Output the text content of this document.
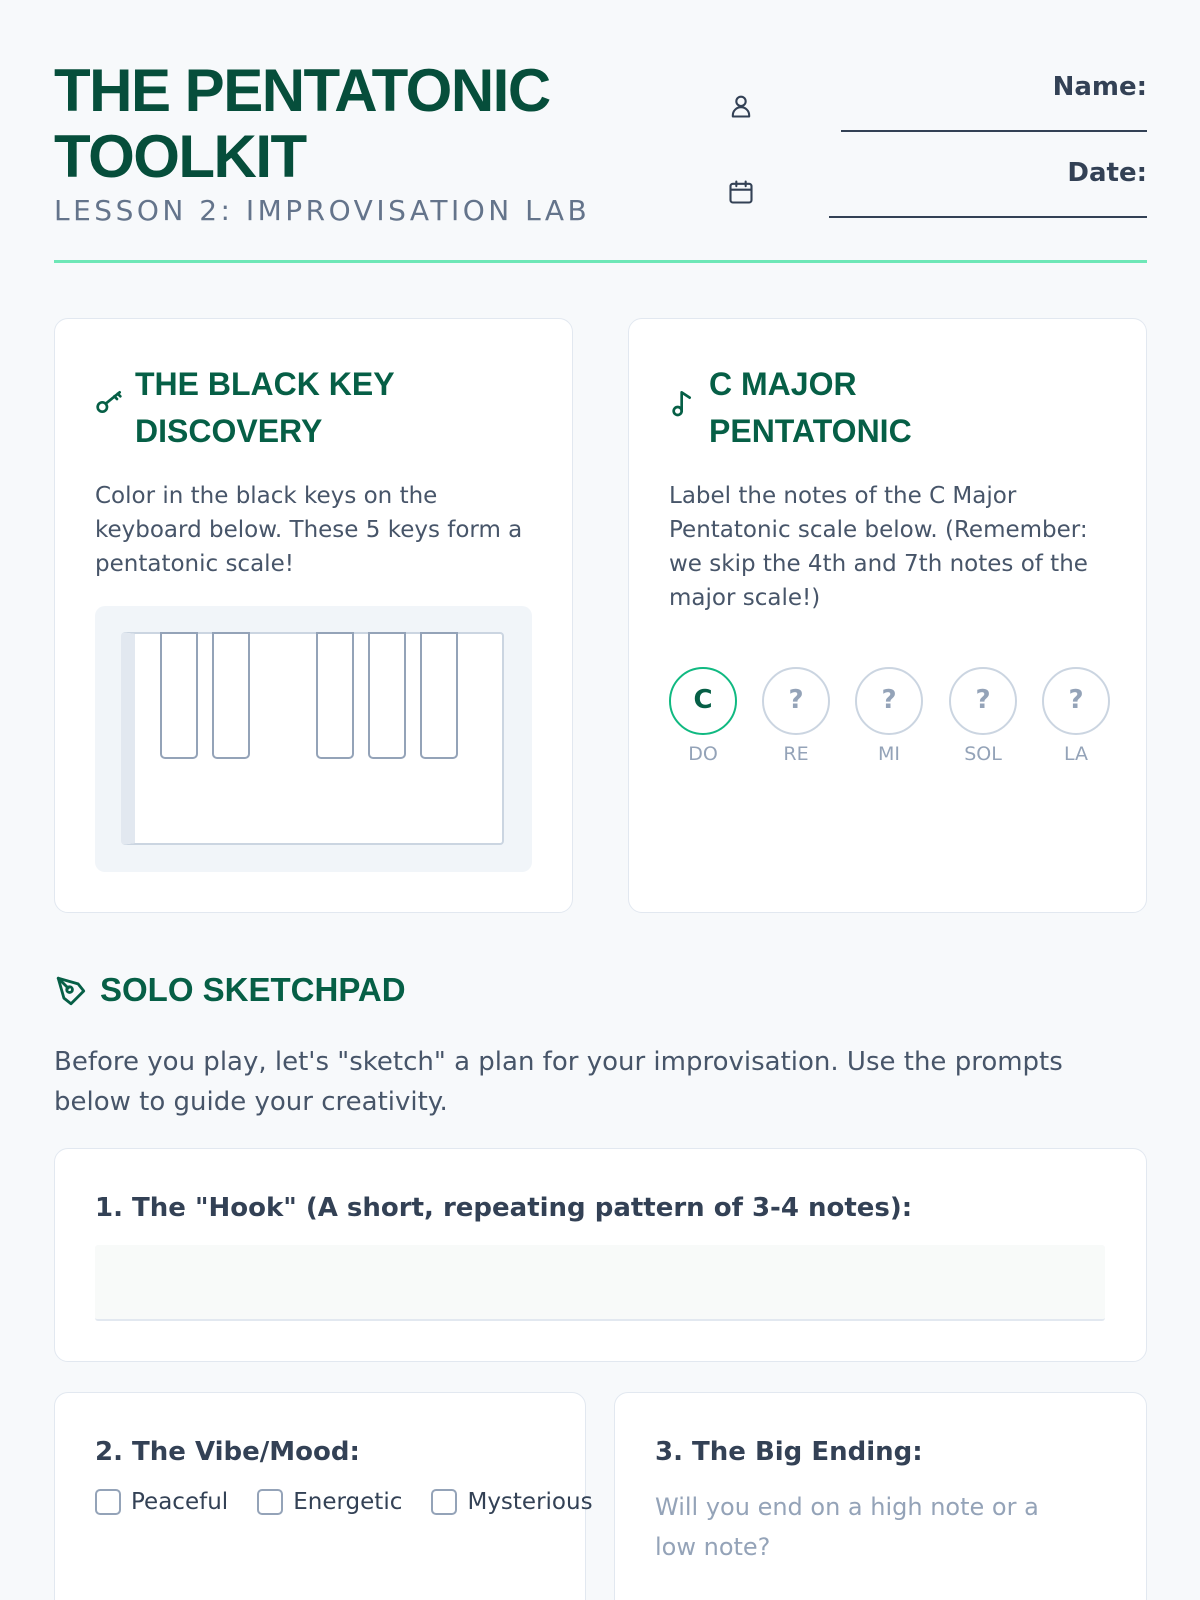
THE PENTATONIC TOOLKIT
LESSON 2: IMPROVISATION LAB
Name:
Date:
THE BLACK KEY DISCOVERY
Color in the black keys on the keyboard below. These 5 keys form a pentatonic scale!
C MAJOR PENTATONIC
Label the notes of the C Major Pentatonic scale below. (Remember: we skip the 4th and 7th notes of the major scale!)
C
DO
?
RE
?
MI
?
SOL
?
LA
SOLO SKETCHPAD
Before you play, let's "sketch" a plan for your improvisation. Use the prompts below to guide your creativity.
1. The "Hook" (A short, repeating pattern of 3-4 notes):
2. The Vibe/Mood:
Peaceful	Energetic	Mysterious
3. The Big Ending:
Will you end on a high note or a low note?
